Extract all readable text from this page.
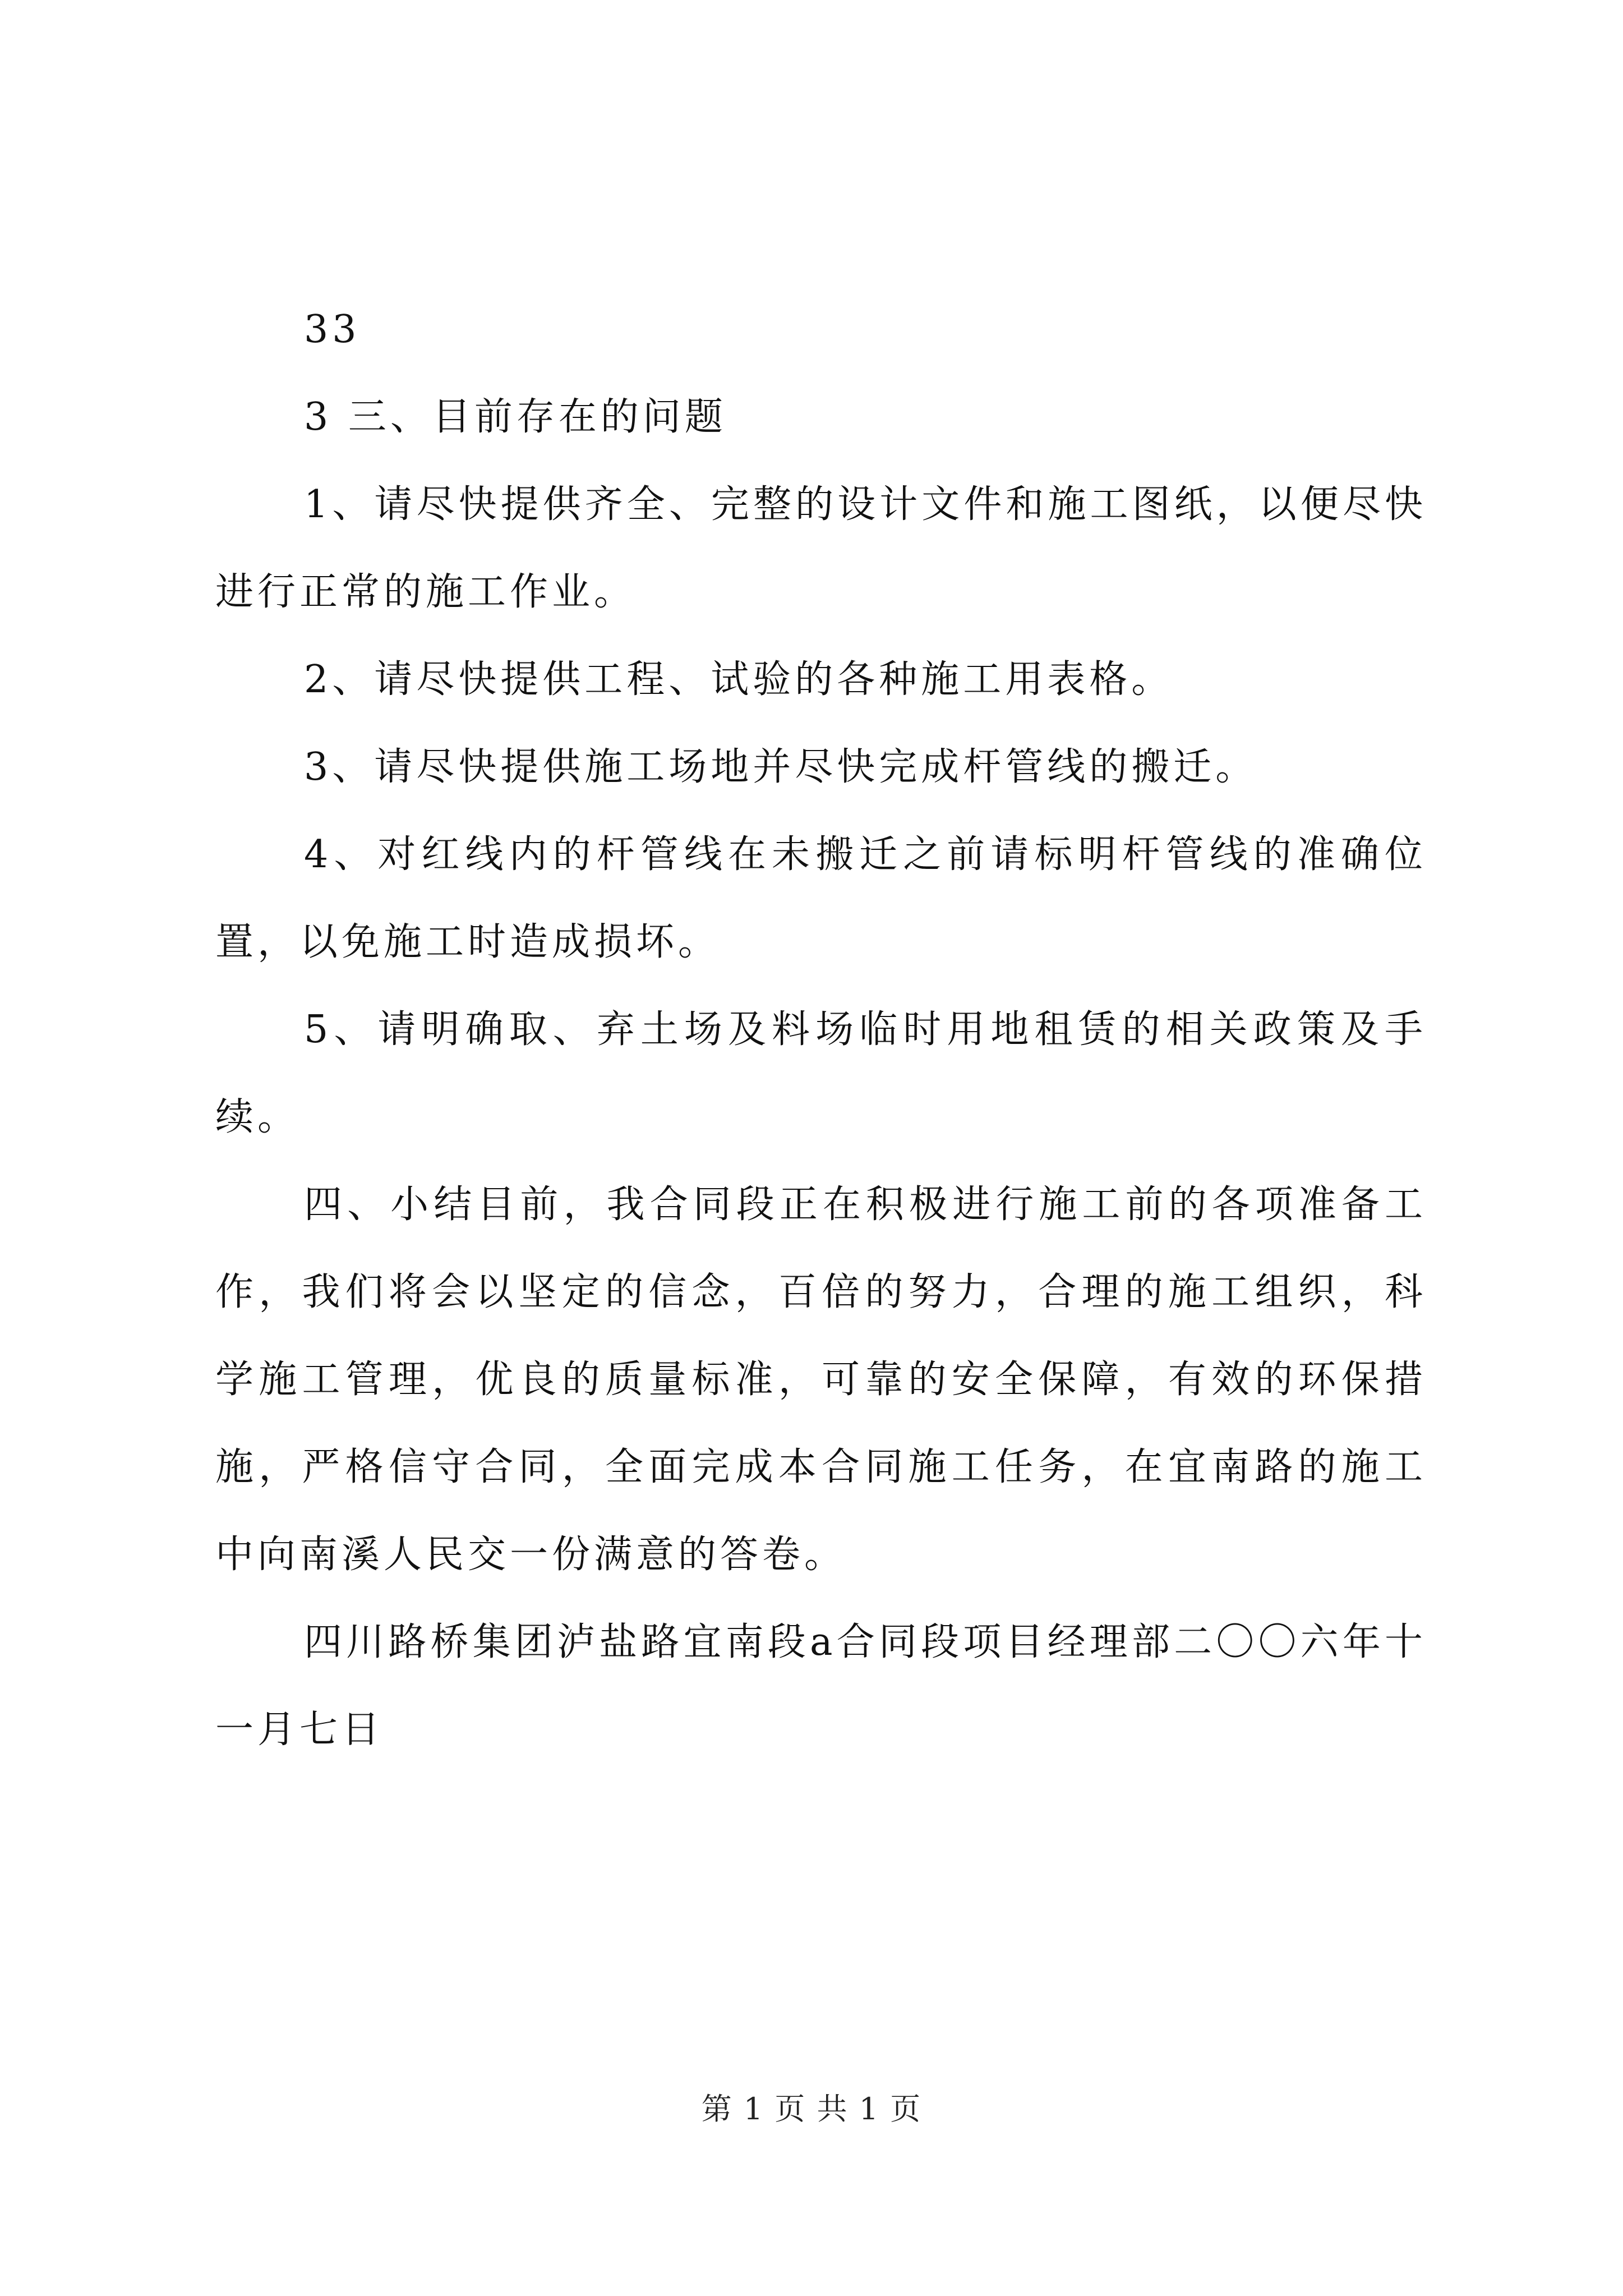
33

3 三、目前存在的问题

1、请尽快提供齐全、完整的设计文件和施工图纸，以便尽快进行正常的施工作业。

2、请尽快提供工程、试验的各种施工用表格。

3、请尽快提供施工场地并尽快完成杆管线的搬迁。

4、对红线内的杆管线在未搬迁之前请标明杆管线的准确位置，以免施工时造成损坏。

5、请明确取、弃土场及料场临时用地租赁的相关政策及手续。

四、小结目前，我合同段正在积极进行施工前的各项准备工作，我们将会以坚定的信念，百倍的努力，合理的施工组织，科学施工管理，优良的质量标准，可靠的安全保障，有效的环保措施，严格信守合同，全面完成本合同施工任务，在宜南路的施工中向南溪人民交一份满意的答卷。

四川路桥集团泸盐路宜南段a合同段项目经理部二〇〇六年十一月七日

第 1 页 共 1 页
